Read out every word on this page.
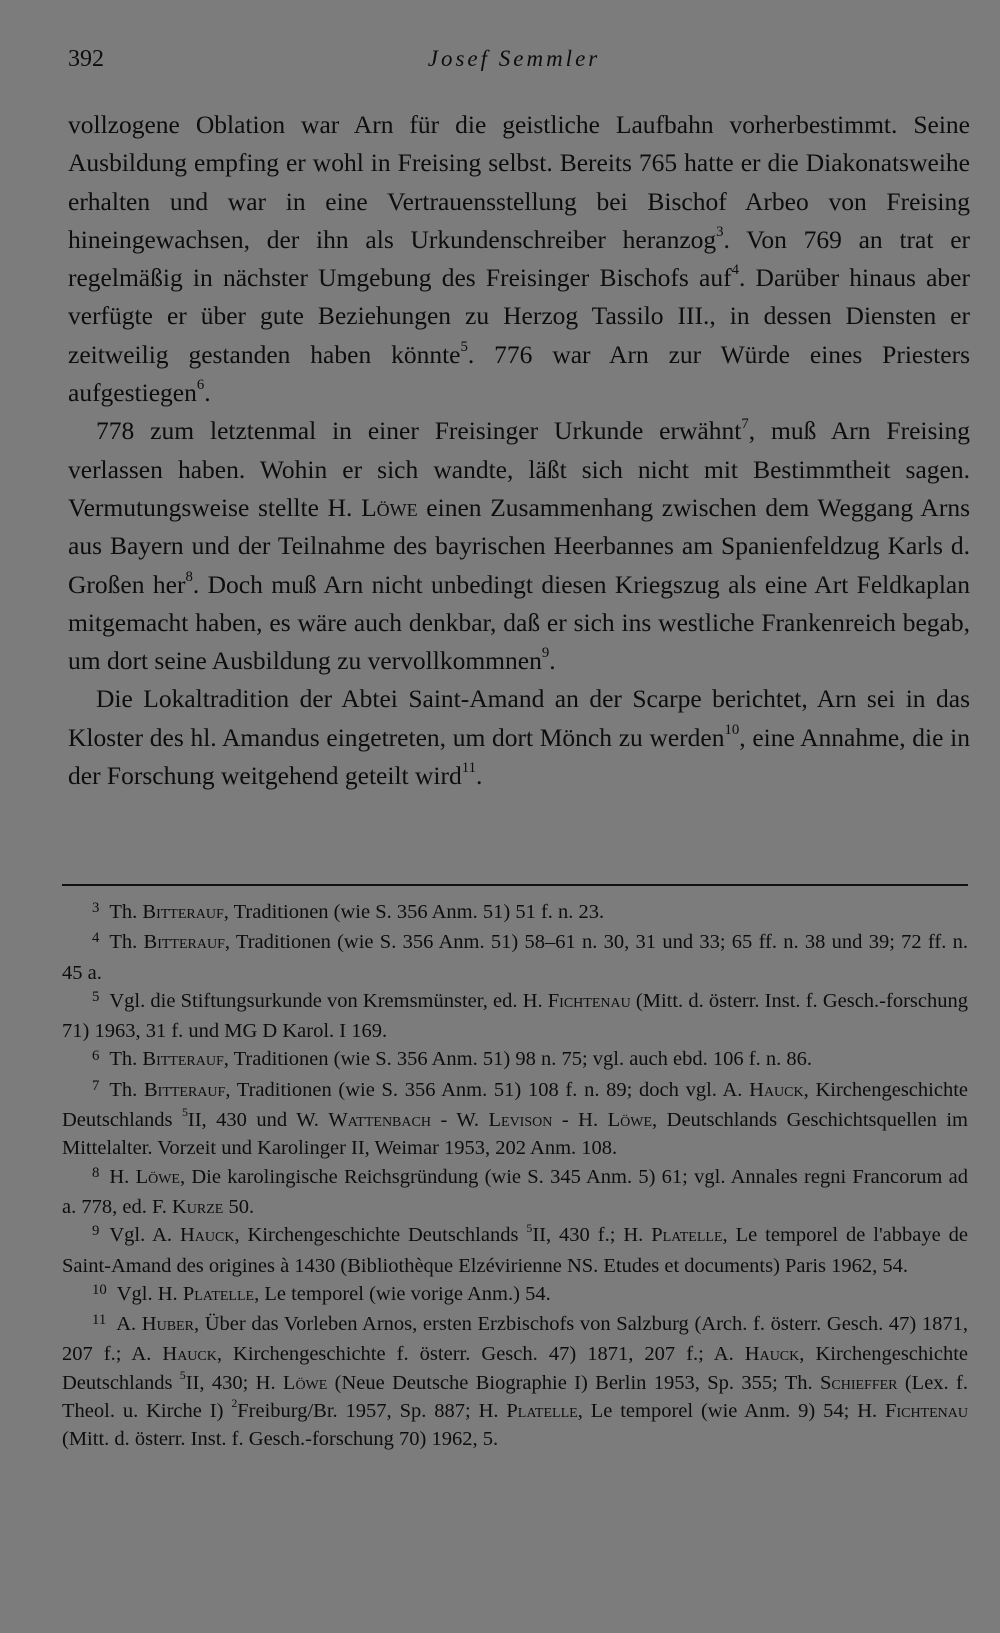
392	Josef Semmler

vollzogene Oblation war Arn für die geistliche Laufbahn vorherbestimmt. Seine Ausbildung empfing er wohl in Freising selbst. Bereits 765 hatte er die Diakonatsweihe erhalten und war in eine Vertrauensstellung bei Bischof Arbeo von Freising hineingewachsen, der ihn als Urkundenschreiber heranzog$^3$. Von 769 an trat er regelmäßig in nächster Umgebung des Freisinger Bischofs auf$^4$. Darüber hinaus aber verfügte er über gute Beziehungen zu Herzog Tassilo III., in dessen Diensten er zeitweilig gestanden haben könnte$^5$. 776 war Arn zur Würde eines Priesters aufgestiegen$^6$.

778 zum letztenmal in einer Freisinger Urkunde erwähnt$^7$, muß Arn Freising verlassen haben. Wohin er sich wandte, läßt sich nicht mit Bestimmtheit sagen. Vermutungsweise stellte H. Löwe einen Zusammenhang zwischen dem Weggang Arns aus Bayern und der Teilnahme des bayrischen Heerbannes am Spanienfeldzug Karls d. Großen her$^8$. Doch muß Arn nicht unbedingt diesen Kriegszug als eine Art Feldkaplan mitgemacht haben, es wäre auch denkbar, daß er sich ins westliche Frankenreich begab, um dort seine Ausbildung zu vervollkommnen$^9$.

Die Lokaltradition der Abtei Saint-Amand an der Scarpe berichtet, Arn sei in das Kloster des hl. Amandus eingetreten, um dort Mönch zu werden$^{10}$, eine Annahme, die in der Forschung weitgehend geteilt wird$^{11}$.

$^3$ Th. Bitterauf, Traditionen (wie S. 356 Anm. 51) 51 f. n. 23.

$^4$ Th. Bitterauf, Traditionen (wie S. 356 Anm. 51) 58–61 n. 30, 31 und 33; 65 ff. n. 38 und 39; 72 ff. n. 45 a.

$^5$ Vgl. die Stiftungsurkunde von Kremsmünster, ed. H. Fichtenau (Mitt. d. österr. Inst. f. Gesch.-forschung 71) 1963, 31 f. und MG D Karol. I 169.

$^6$ Th. Bitterauf, Traditionen (wie S. 356 Anm. 51) 98 n. 75; vgl. auch ebd. 106 f. n. 86.

$^7$ Th. Bitterauf, Traditionen (wie S. 356 Anm. 51) 108 f. n. 89; doch vgl. A. Hauck, Kirchengeschichte Deutschlands $^5$II, 430 und W. Wattenbach - W. Levison - H. Löwe, Deutschlands Geschichtsquellen im Mittelalter. Vorzeit und Karolinger II, Weimar 1953, 202 Anm. 108.

$^8$ H. Löwe, Die karolingische Reichsgründung (wie S. 345 Anm. 5) 61; vgl. Annales regni Francorum ad a. 778, ed. F. Kurze 50.

$^9$ Vgl. A. Hauck, Kirchengeschichte Deutschlands $^5$II, 430 f.; H. Platelle, Le temporel de l'abbaye de Saint-Amand des origines à 1430 (Bibliothèque Elzévirienne NS. Etudes et documents) Paris 1962, 54.

$^{10}$ Vgl. H. Platelle, Le temporel (wie vorige Anm.) 54.

$^{11}$ A. Huber, Über das Vorleben Arnos, ersten Erzbischofs von Salzburg (Arch. f. österr. Gesch. 47) 1871, 207 f.; A. Hauck, Kirchengeschichte f. österr. Gesch. 47) 1871, 207 f.; A. Hauck, Kirchengeschichte Deutschlands $^5$II, 430; H. Löwe (Neue Deutsche Biographie I) Berlin 1953, Sp. 355; Th. Schieffer (Lex. f. Theol. u. Kirche I) $^2$Freiburg/Br. 1957, Sp. 887; H. Platelle, Le temporel (wie Anm. 9) 54; H. Fichtenau (Mitt. d. österr. Inst. f. Gesch.-forschung 70) 1962, 5.
